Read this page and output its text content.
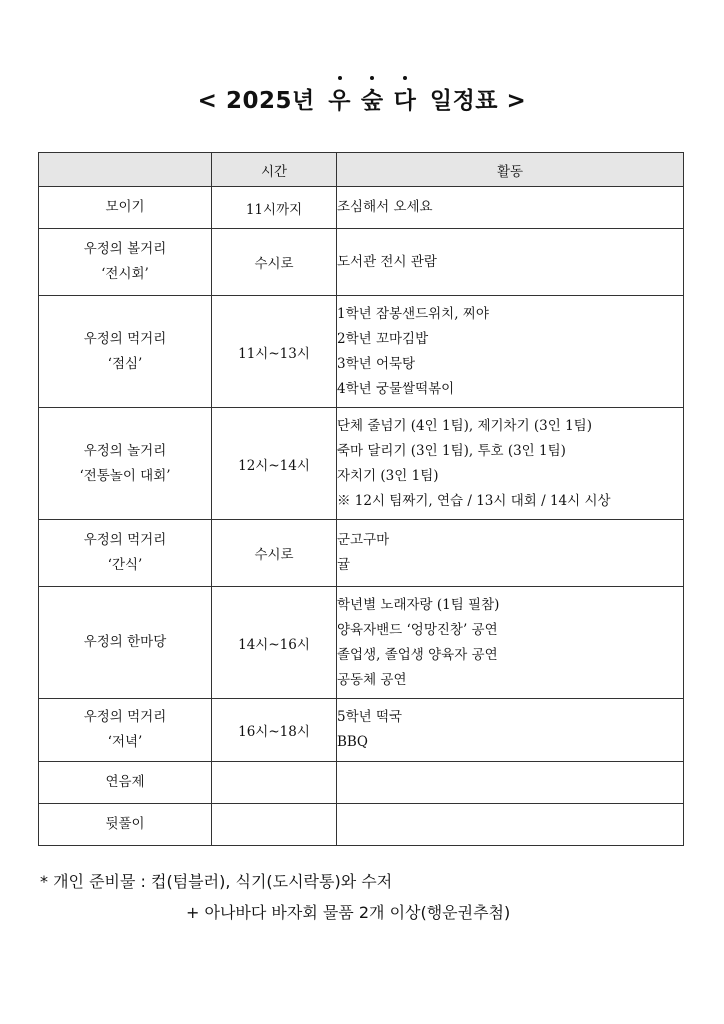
< 2025년 우 숲 다 일정표 >
	시간	활동

모이기	11시까지	조심해서 오세요

우정의 볼거리
‘전시회’	수시로	도서관 전시 관람

우정의 먹거리
‘점심’	11시~13시	1학년 잠봉샌드위치, 찌야
2학년 꼬마김밥
3학년 어묵탕
4학년 궁물쌀떡볶이

우정의 놀거리
‘전통놀이 대회’	12시~14시	단체 줄넘기 (4인 1팀), 제기차기 (3인 1팀)
죽마 달리기 (3인 1팀), 투호 (3인 1팀)
자치기 (3인 1팀)
※ 12시 팀짜기, 연습 / 13시 대회 / 14시 시상

우정의 먹거리
‘간식’	수시로	군고구마
귤

우정의 한마당	14시~16시	학년별 노래자랑 (1팀 필참)
양육자밴드 ‘엉망진창’ 공연
졸업생, 졸업생 양육자 공연
공동체 공연

우정의 먹거리
‘저녁’	16시~18시	5학년 떡국
BBQ

연음제		

뒷풀이		

* 개인 준비물 : 컵(텀블러), 식기(도시락통)와 수저
+ 아나바다 바자회 물품 2개 이상(행운권추첨)
